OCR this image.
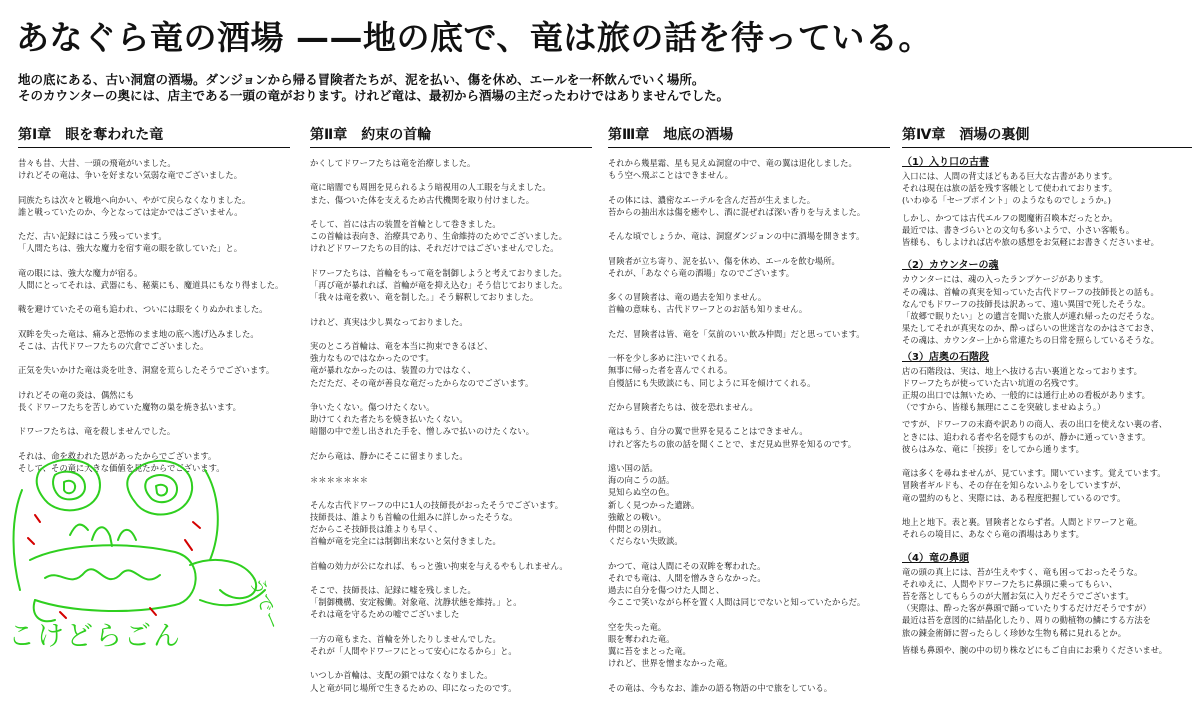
あなぐら竜の酒場 ——地の底で、竜は旅の話を待っている。

地の底にある、古い洞窟の酒場。ダンジョンから帰る冒険者たちが、泥を払い、傷を休め、エールを一杯飲んでいく場所。

そのカウンターの奥には、店主である一頭の竜がおります。けれど竜は、最初から酒場の主だったわけではありませんでした。

第Ⅰ章　眼を奪われた竜
昔々も昔、大昔、一頭の飛竜がいました。
けれどその竜は、争いを好まない気弱な竜でございました。
同族たちは次々と戦地へ向かい、やがて戻らなくなりました。
誰と戦っていたのか、今となっては定かではございません。
ただ、古い記録にはこう残っています。
「人間たちは、強大な魔力を宿す竜の眼を欲していた」と。
竜の眼には、強大な魔力が宿る。
人間にとってそれは、武器にも、秘薬にも、魔道具にもなり得ました。
戦を避けていたその竜も追われ、ついには眼をくりぬかれました。
双眸を失った竜は、痛みと恐怖のまま地の底へ逃げ込みました。
そこは、古代ドワーフたちの穴倉でございました。
正気を失いかけた竜は炎を吐き、洞窟を荒らしたそうでございます。
けれどその竜の炎は、偶然にも
長くドワーフたちを苦しめていた魔物の巣を焼き払います。
ドワーフたちは、竜を殺しませんでした。
それは、命を救われた恩があったからでございます。
そして、その竜に大きな価値を見たからでございます。
第Ⅱ章　約束の首輪
かくしてドワーフたちは竜を治療しました。
竜に暗闇でも周囲を見られるよう暗視用の人工眼を与えました。
また、傷ついた体を支えるため古代機関を取り付けました。
そして、首には古の装置を首輪として巻きました。
この首輪は表向き、治療具であり、生命維持のためでございました。
けれどドワーフたちの目的は、それだけではございませんでした。
ドワーフたちは、首輪をもって竜を制御しようと考えておりました。
「再び竜が暴れれば、首輪が竜を抑え込む」そう信じておりました。
「我々は竜を救い、竜を制した。」そう解釈しておりました。
けれど、真実は少し異なっておりました。
実のところ首輪は、竜を本当に拘束できるほど、
強力なものではなかったのです。
竜が暴れなかったのは、装置の力ではなく、
ただただ、その竜が善良な竜だったからなのでございます。
争いたくない。傷つけたくない。
助けてくれた者たちを焼き払いたくない。
暗闇の中で差し出された手を、憎しみで払いのけたくない。
だから竜は、静かにそこに留まりました。
＊＊＊＊＊＊＊
そんな古代ドワーフの中に1人の技師長がおったそうでございます。
技師長は、誰よりも首輪の仕組みに詳しかったそうな。
だからこそ技師長は誰よりも早く、
首輪が竜を完全には制御出来ないと気付きました。
首輪の効力が公になれば、もっと強い拘束を与えるやもしれません。
そこで、技師長は、記録に嘘を残しました。
「制御機構、安定稼働。対象竜、沈静状態を維持。」と。
それは竜を守るための嘘でございました
一方の竜もまた、首輪を外したりしませんでした。
それが「人間やドワーフにとって安心になるから」と。
いつしか首輪は、支配の鎖ではなくなりました。
人と竜が同じ場所で生きるための、印になったのです。
第Ⅲ章　地底の酒場
それから幾星霜、星も見えぬ洞窟の中で、竜の翼は退化しました。
もう空へ飛ぶことはできません。
その体には、濃密なエーテルを含んだ苔が生えました。
苔からの抽出水は傷を癒やし、酒に混ぜれば深い香りを与えました。
そんな頃でしょうか、竜は、洞窟ダンジョンの中に酒場を開きます。
冒険者が立ち寄り、泥を払い、傷を休め、エールを飲む場所。
それが、「あなぐら竜の酒場」なのでございます。
多くの冒険者は、竜の過去を知りません。
首輪の意味も、古代ドワーフとのお話も知りません。
ただ、冒険者は皆、竜を「気前のいい飲み仲間」だと思っています。
一杯を少し多めに注いでくれる。
無事に帰った者を喜んでくれる。
自慢話にも失敗談にも、同じように耳を傾けてくれる。
だから冒険者たちは、彼を恐れません。
竜はもう、自分の翼で世界を見ることはできません。
けれど客たちの旅の話を聞くことで、まだ見ぬ世界を知るのです。
遠い国の話。
海の向こうの話。
見知らぬ空の色。
新しく見つかった遺跡。
強敵との戦い。
仲間との別れ。
くだらない失敗談。
かつて、竜は人間にその双眸を奪われた。
それでも竜は、人間を憎みきらなかった。
過去に自分を傷つけた人間と、
今ここで笑いながら杯を置く人間は同じでないと知っていたからだ。
空を失った竜。
眼を奪われた竜。
翼に苔をまとった竜。
けれど、世界を憎まなかった竜。
その竜は、今もなお、誰かの語る物語の中で旅をしている。
第Ⅳ章　酒場の裏側
（1）入り口の古書
入口には、人間の背丈ほどもある巨大な古書があります。
それは現在は旅の話を残す客帳として使われております。
(いわゆる「セーブポイント」のようなものでしょうか。)
しかし、かつては古代エルフの閲魔術召喚本だったとか。
最近では、書きづらいとの文句も多いようで、小さい客帳も。
皆様も、もしよければ店や旅の感想をお気軽にお書きくださいませ。
（2）カウンターの魂
カウンターには、魂の入ったランプケージがあります。
その魂は、首輪の真実を知っていた古代ドワーフの技師長との話も。
なんでもドワーフの技師長は訳あって、遠い異国で死したそうな。
「故郷で眠りたい」との遺言を聞いた旅人が連れ帰ったのだそうな。
果たしてそれが真実なのか、酔っぱらいの世迷言なのかはさておき、
その魂は、カウンター上から常連たちの日常を照らしているそうな。
（3）店奥の石階段
店の石階段は、実は、地上へ抜ける古い裏道となっております。
ドワーフたちが使っていた古い坑道の名残です。
正規の出口では無いため、一般的には通行止めの看板があります。
（ですから、皆様も無理にここを突破しませぬよう。）
ですが、ドワーフの末裔や訳ありの商人、表の出口を使えない裏の者、
ときには、追われる者や名を隠すものが、静かに通っていきます。
彼らはみな、竜に「挨拶」をしてから通ります。
竜は多くを尋ねませんが、見ています。聞いています。覚えています。
冒険者ギルドも、その存在を知らないふりをしていますが、
竜の盟約のもと、実際には、ある程度把握しているのです。
地上と地下。表と裏。冒険者とならず者。人間とドワーフと竜。
それらの境目に、あなぐら竜の酒場はあります。
（4）竜の鼻頭
竜の頭の真上には、苔が生えやすく、竜も困っておったそうな。
それゆえに、人間やドワーフたちに鼻頭に乗ってもらい、
苔を落としてもらうのが大層お気に入りだそうでございます。
（実際は、酔った客が鼻頭で踊っていたりするだけだそうですが）
最近は苔を意図的に結晶化したり、周りの動植物の鱗にする方法を
旅の錬金術師に習ったらしく珍妙な生物も稀に見れるとか。
皆様も鼻頭や、腕の中の切り株などにもご自由にお乗りくださいませ。
うでー
こけどらごん
